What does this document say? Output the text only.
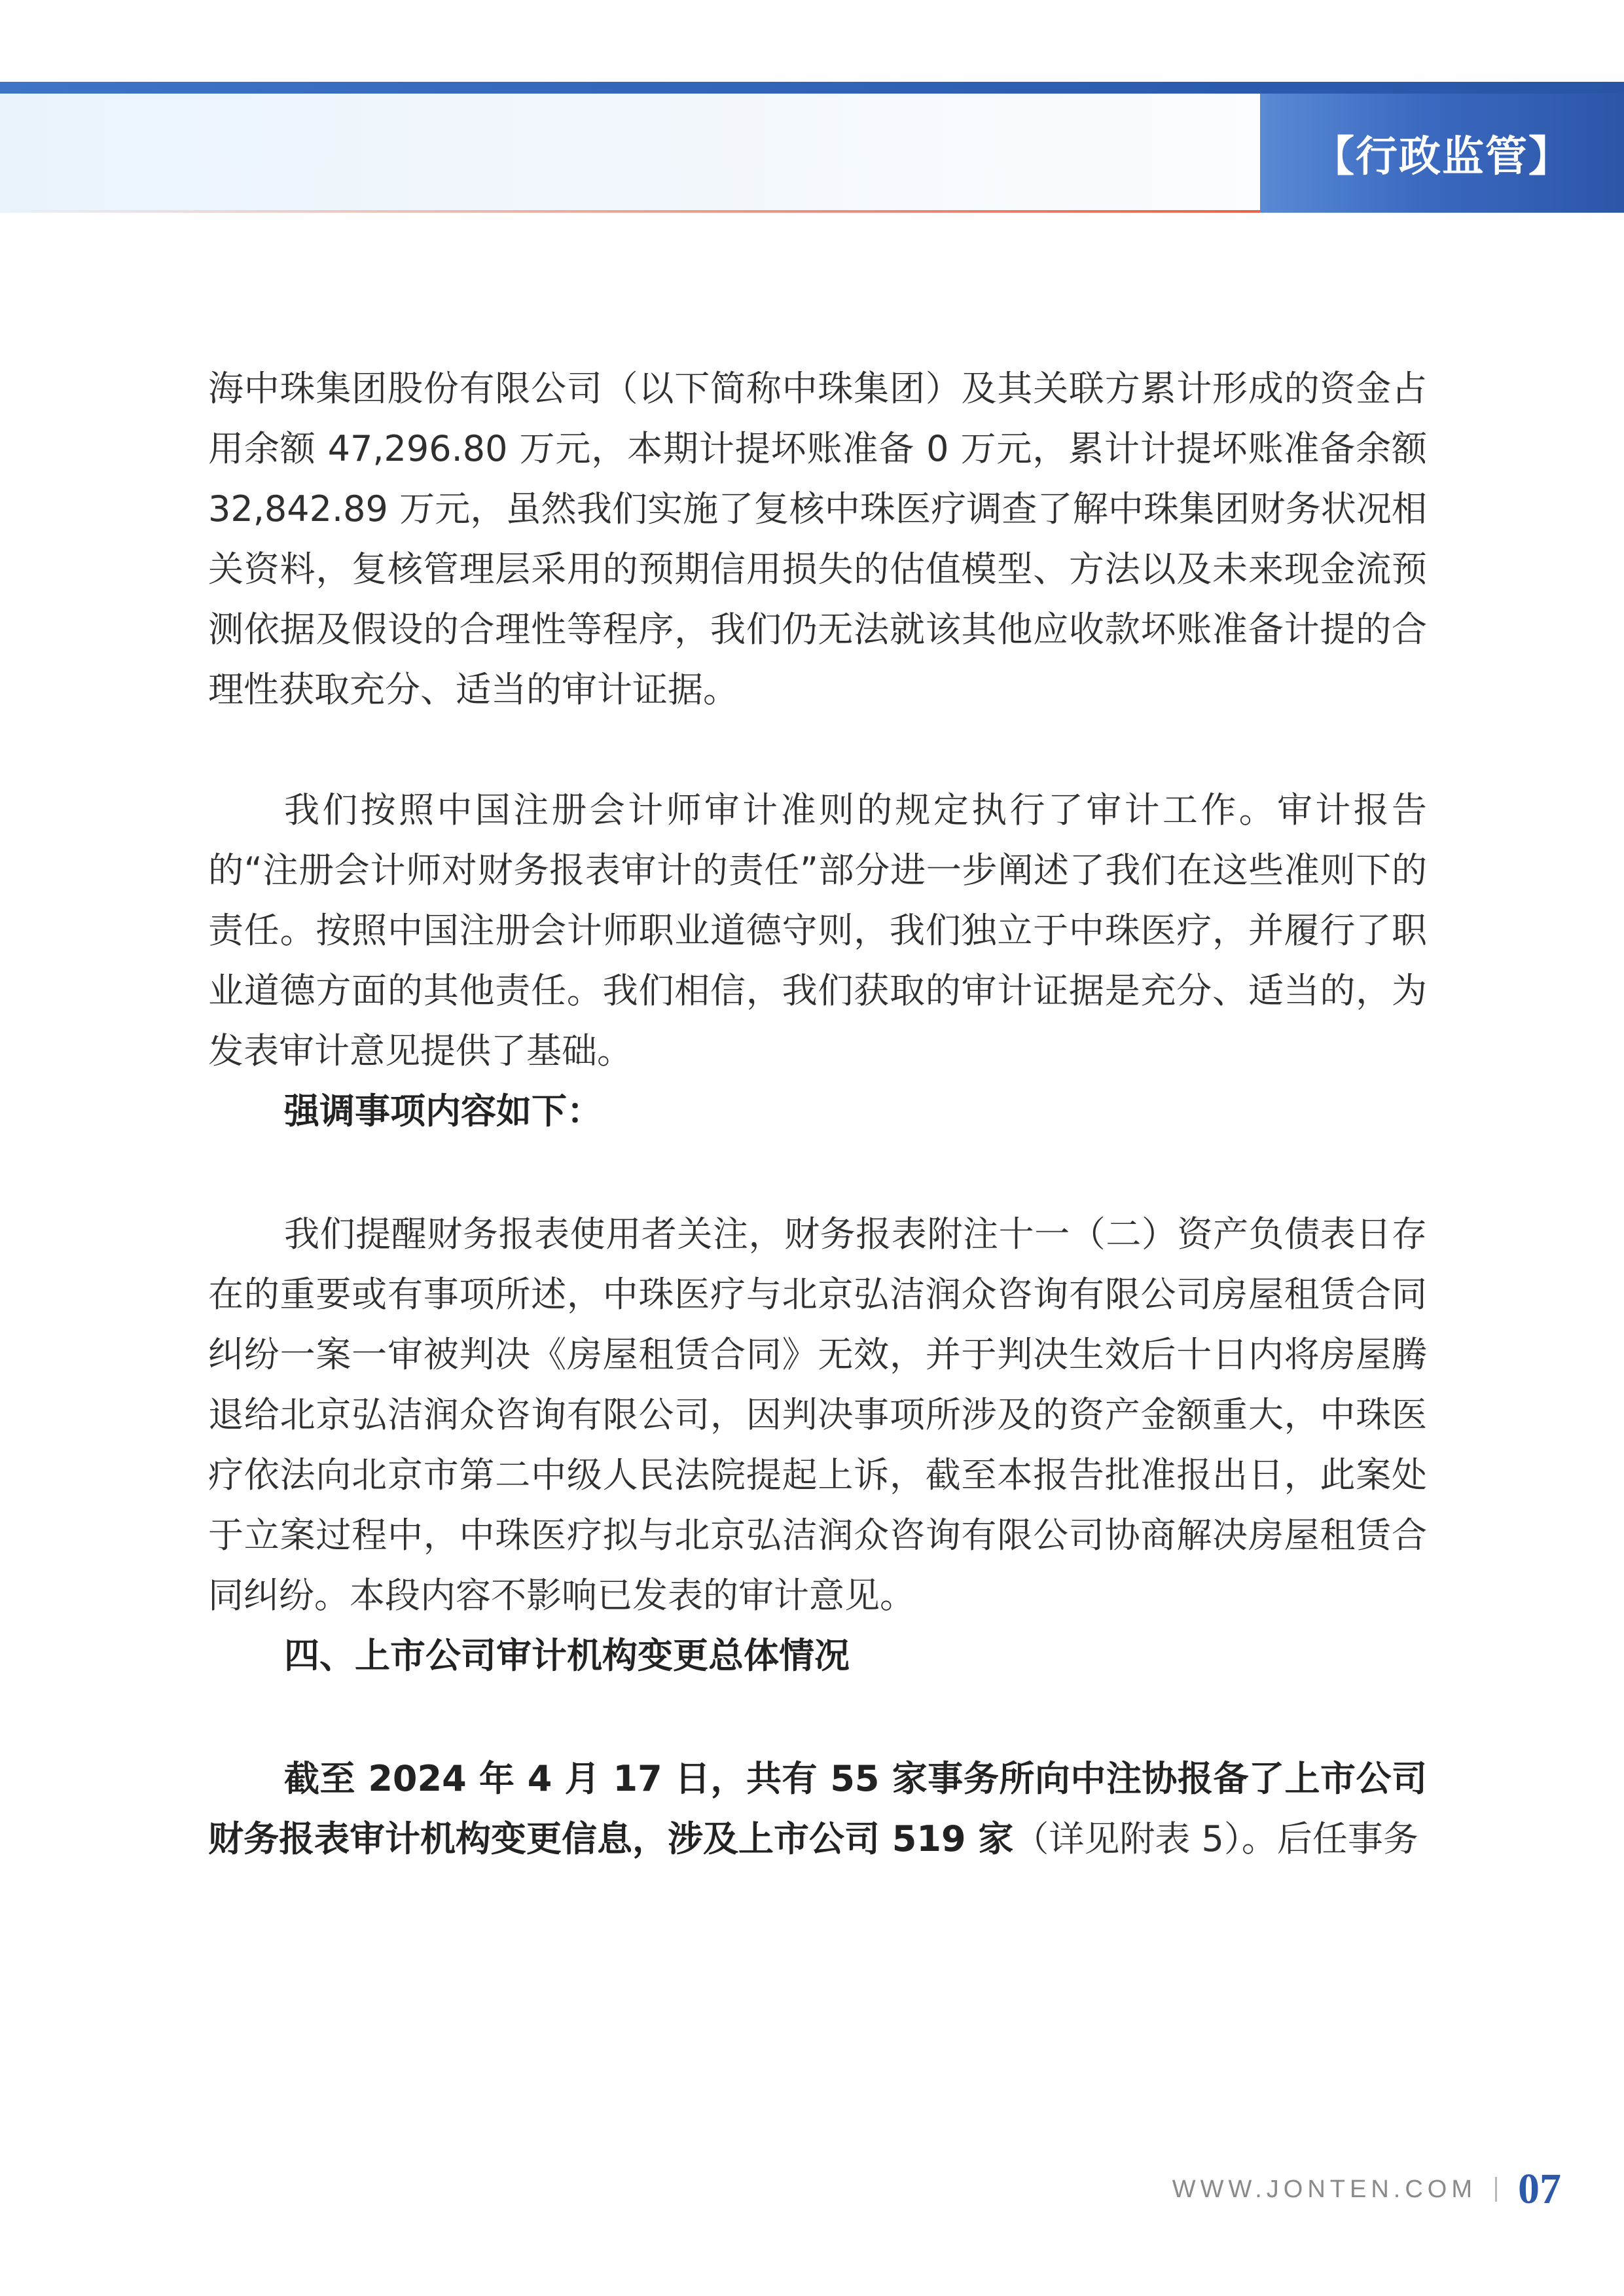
【行政监管】

海中珠集团股份有限公司（以下简称中珠集团）及其关联方累计形成的资金占用余额 47,296.80 万元，本期计提坏账准备 0 万元，累计计提坏账准备余额 32,842.89 万元，虽然我们实施了复核中珠医疗调查了解中珠集团财务状况相关资料，复核管理层采用的预期信用损失的估值模型、方法以及未来现金流预测依据及假设的合理性等程序，我们仍无法就该其他应收款坏账准备计提的合理性获取充分、适当的审计证据。

我们按照中国注册会计师审计准则的规定执行了审计工作。审计报告的“注册会计师对财务报表审计的责任”部分进一步阐述了我们在这些准则下的责任。按照中国注册会计师职业道德守则，我们独立于中珠医疗，并履行了职业道德方面的其他责任。我们相信，我们获取的审计证据是充分、适当的，为发表审计意见提供了基础。

强调事项内容如下：

我们提醒财务报表使用者关注，财务报表附注十一（二）资产负债表日存在的重要或有事项所述，中珠医疗与北京弘洁润众咨询有限公司房屋租赁合同纠纷一案一审被判决《房屋租赁合同》无效，并于判决生效后十日内将房屋腾退给北京弘洁润众咨询有限公司，因判决事项所涉及的资产金额重大，中珠医疗依法向北京市第二中级人民法院提起上诉，截至本报告批准报出日，此案处于立案过程中，中珠医疗拟与北京弘洁润众咨询有限公司协商解决房屋租赁合同纠纷。本段内容不影响已发表的审计意见。

四、上市公司审计机构变更总体情况

截至 2024 年 4 月 17 日，共有 55 家事务所向中注协报备了上市公司财务报表审计机构变更信息，涉及上市公司 519 家（详见附表 5）。后任事务

WWW.JONTEN.COM 07
